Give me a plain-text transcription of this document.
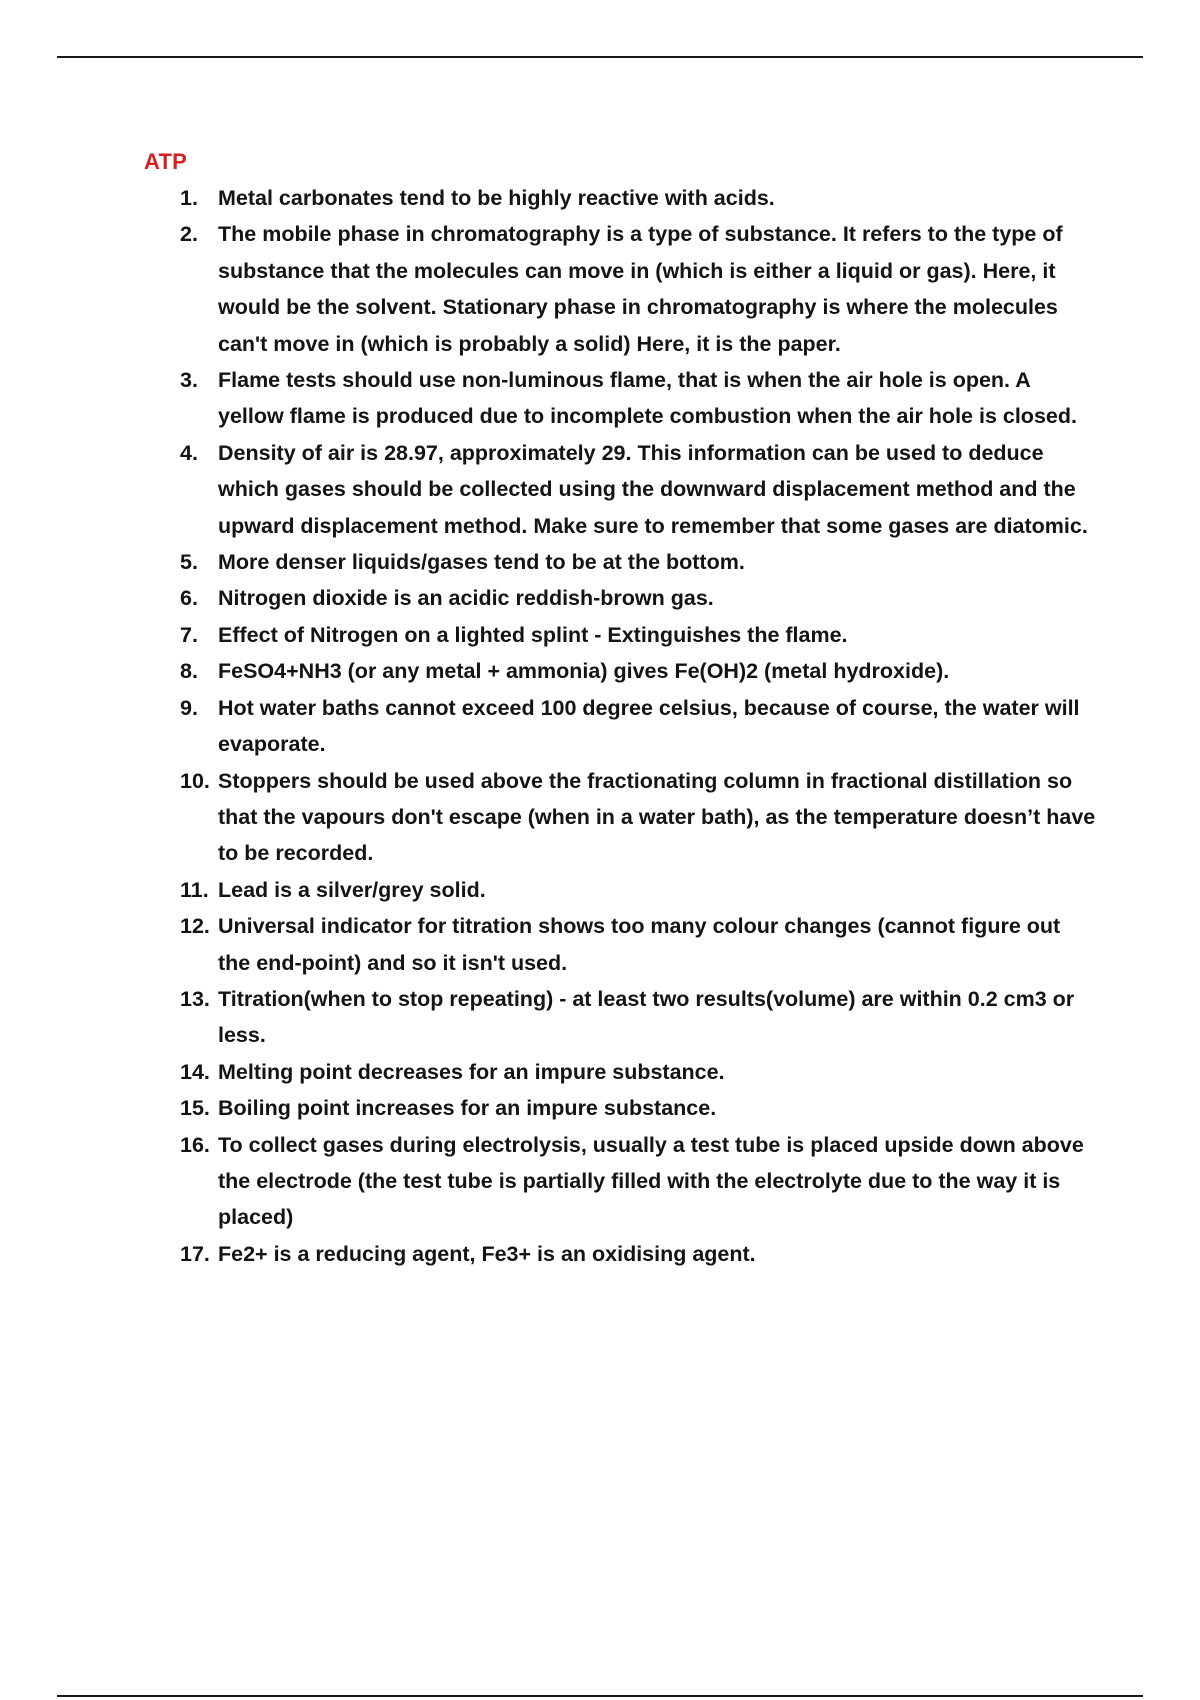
ATP
1. Metal carbonates tend to be highly reactive with acids.
2. The mobile phase in chromatography is a type of substance. It refers to the type of substance that the molecules can move in (which is either a liquid or gas). Here, it would be the solvent. Stationary phase in chromatography is where the molecules can't move in (which is probably a solid) Here, it is the paper.
3. Flame tests should use non-luminous flame, that is when the air hole is open. A yellow flame is produced due to incomplete combustion when the air hole is closed.
4. Density of air is 28.97, approximately 29. This information can be used to deduce which gases should be collected using the downward displacement method and the upward displacement method. Make sure to remember that some gases are diatomic.
5. More denser liquids/gases tend to be at the bottom.
6. Nitrogen dioxide is an acidic reddish-brown gas.
7. Effect of Nitrogen on a lighted splint - Extinguishes the flame.
8. FeSO4+NH3 (or any metal + ammonia) gives Fe(OH)2 (metal hydroxide).
9. Hot water baths cannot exceed 100 degree celsius, because of course, the water will evaporate.
10. Stoppers should be used above the fractionating column in fractional distillation so that the vapours don't escape (when in a water bath), as the temperature doesn’t have to be recorded.
11. Lead is a silver/grey solid.
12. Universal indicator for titration shows too many colour changes (cannot figure out the end-point) and so it isn't used.
13. Titration(when to stop repeating) - at least two results(volume) are within 0.2 cm3 or less.
14. Melting point decreases for an impure substance.
15. Boiling point increases for an impure substance.
16. To collect gases during electrolysis, usually a test tube is placed upside down above the electrode (the test tube is partially filled with the electrolyte due to the way it is placed)
17. Fe2+ is a reducing agent, Fe3+ is an oxidising agent.
